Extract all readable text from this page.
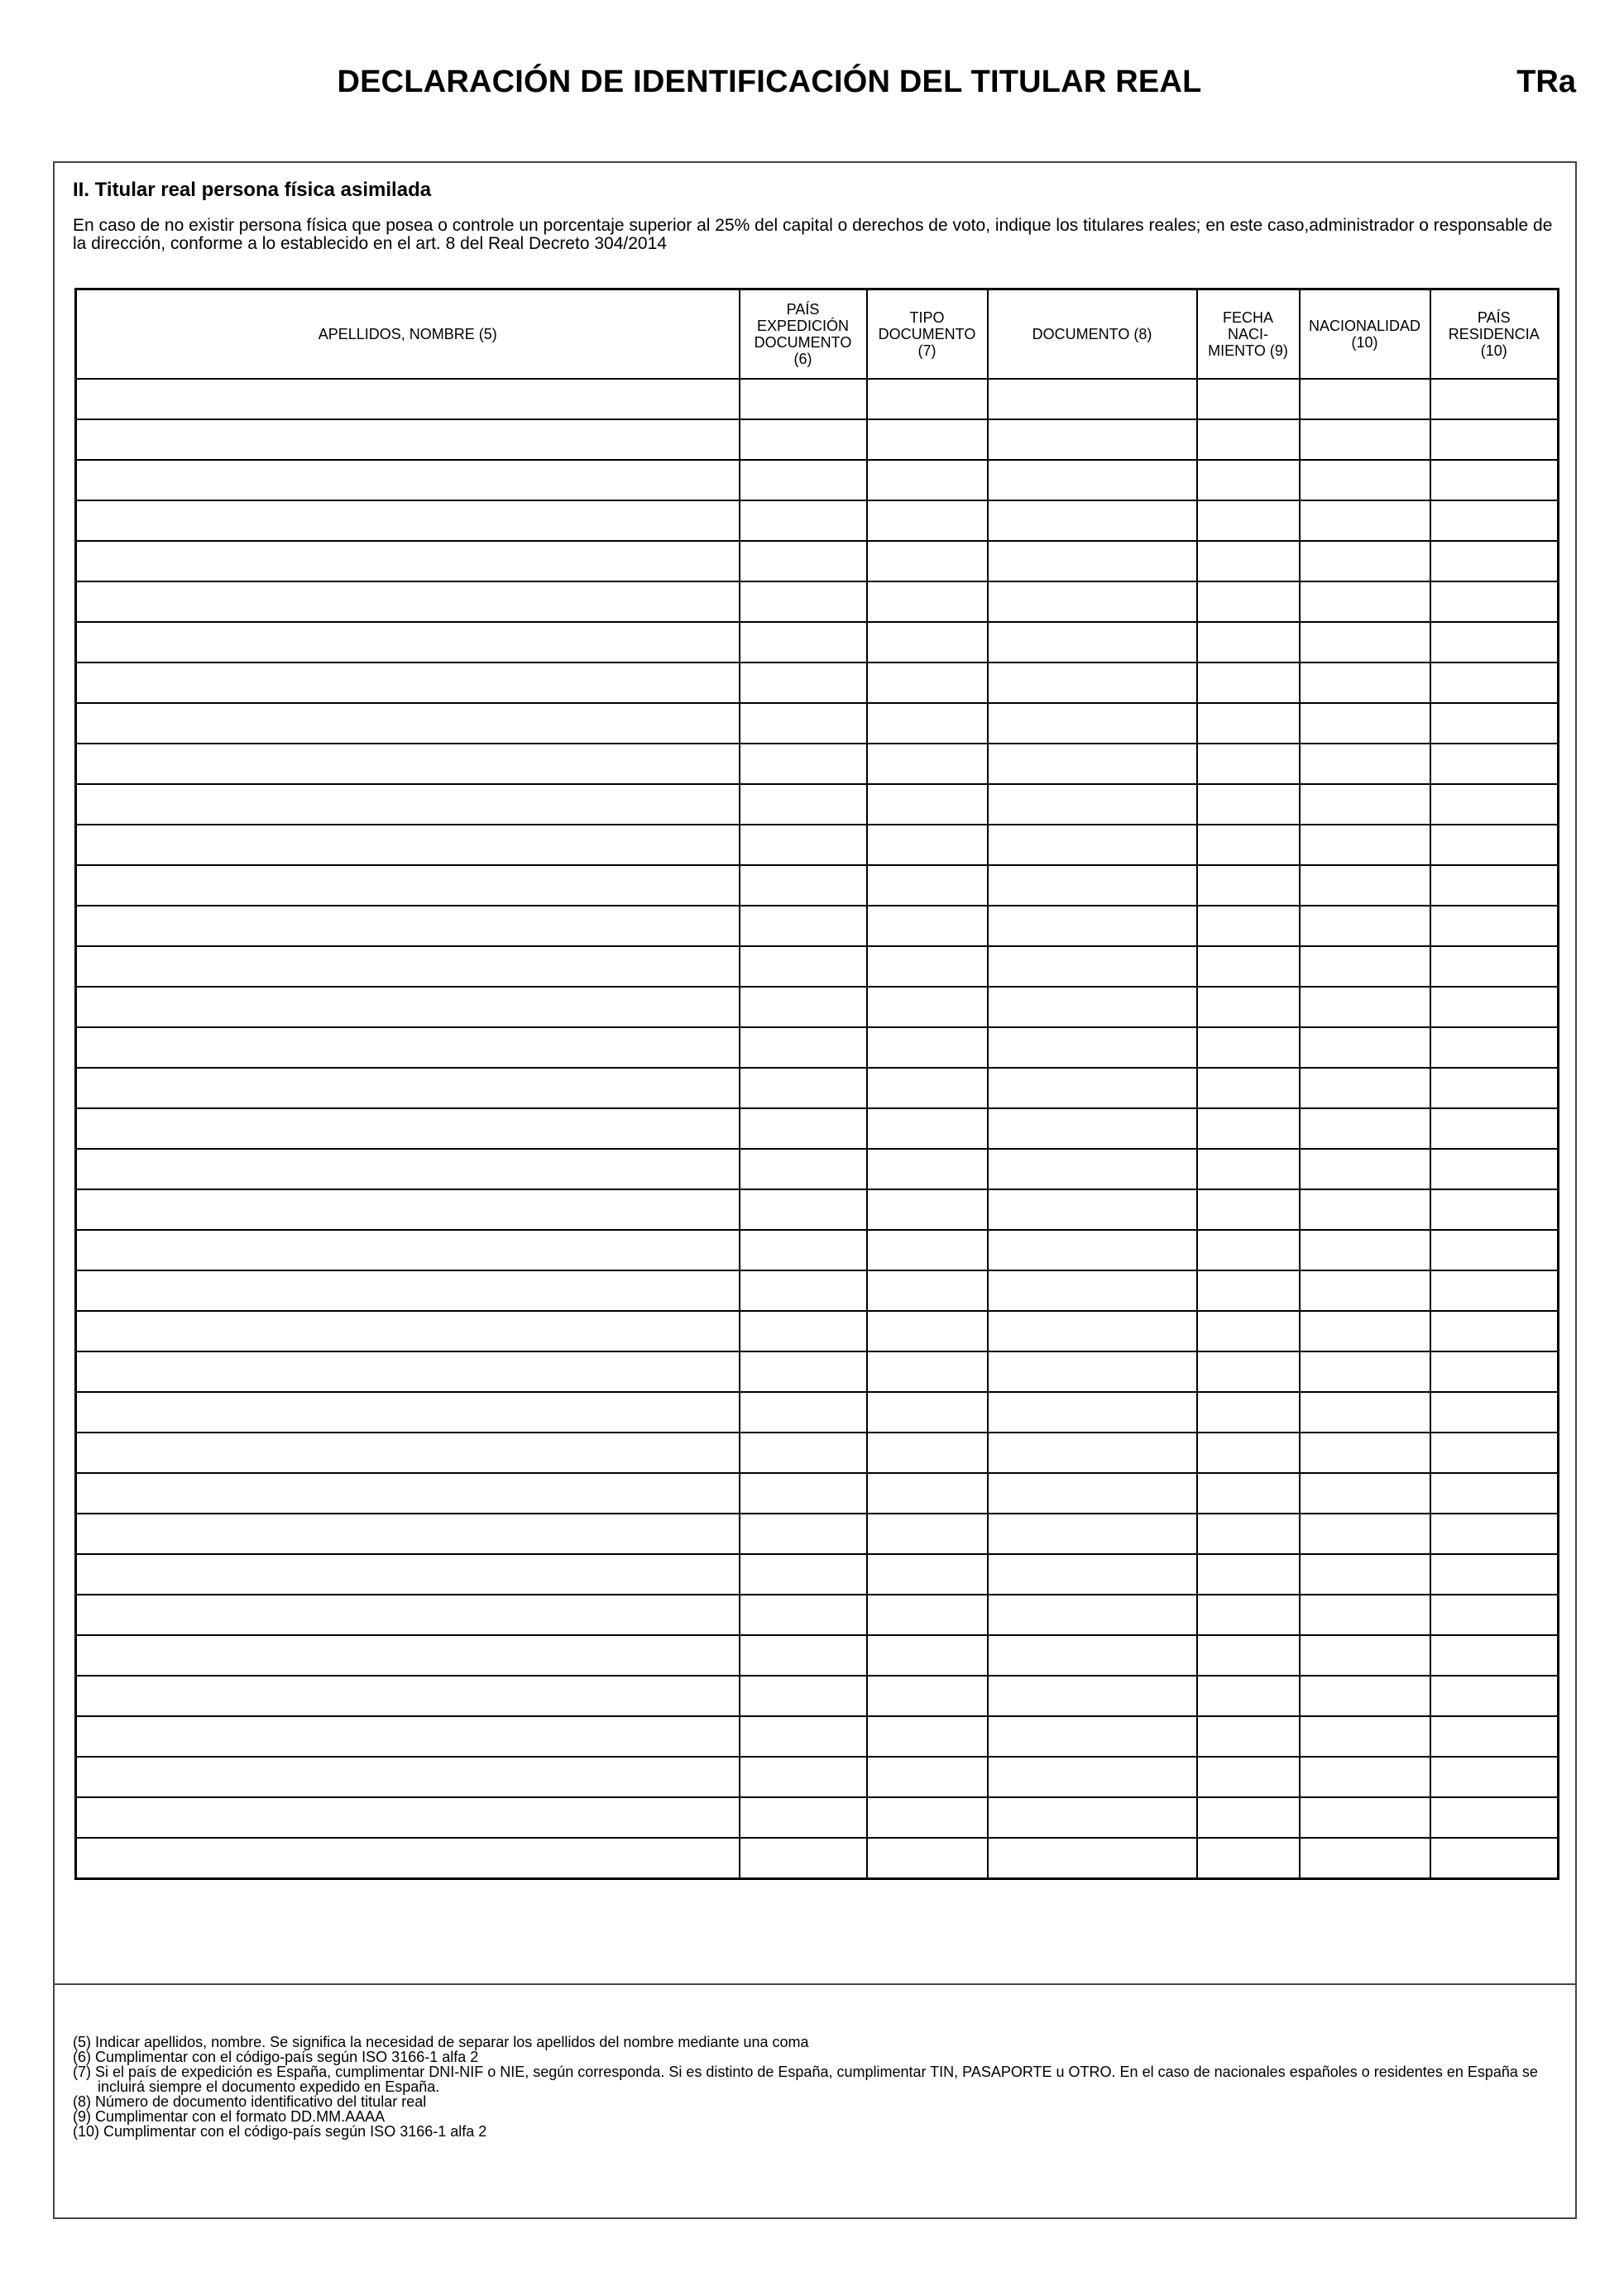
DECLARACIÓN DE IDENTIFICACIÓN DEL TITULAR REAL	TRa
II. Titular real persona física asimilada
En caso de no existir persona física que posea o controle un porcentaje superior al 25% del capital o derechos de voto, indique los titulares reales; en este caso,administrador o responsable de la dirección, conforme a lo establecido en el art. 8 del Real Decreto 304/2014
APELLIDOS, NOMBRE (5)	PAÍS
EXPEDICIÓN
DOCUMENTO
(6)	TIPO
DOCUMENTO
(7)	DOCUMENTO (8)	FECHA
NACI-
MIENTO (9)	NACIONALIDAD
(10)	PAÍS
RESIDENCIA
(10)

(5) Indicar apellidos, nombre. Se significa la necesidad de separar los apellidos del nombre mediante una coma
(6) Cumplimentar con el código-país según ISO 3166-1 alfa 2
(7) Si el país de expedición es España, cumplimentar DNI-NIF o NIE, según corresponda. Si es distinto de España, cumplimentar TIN, PASAPORTE u OTRO. En el caso de nacionales españoles o residentes en España se incluirá siempre el documento expedido en España.
(8) Número de documento identificativo del titular real
(9) Cumplimentar con el formato DD.MM.AAAA
(10) Cumplimentar con el código-país según ISO 3166-1 alfa 2
